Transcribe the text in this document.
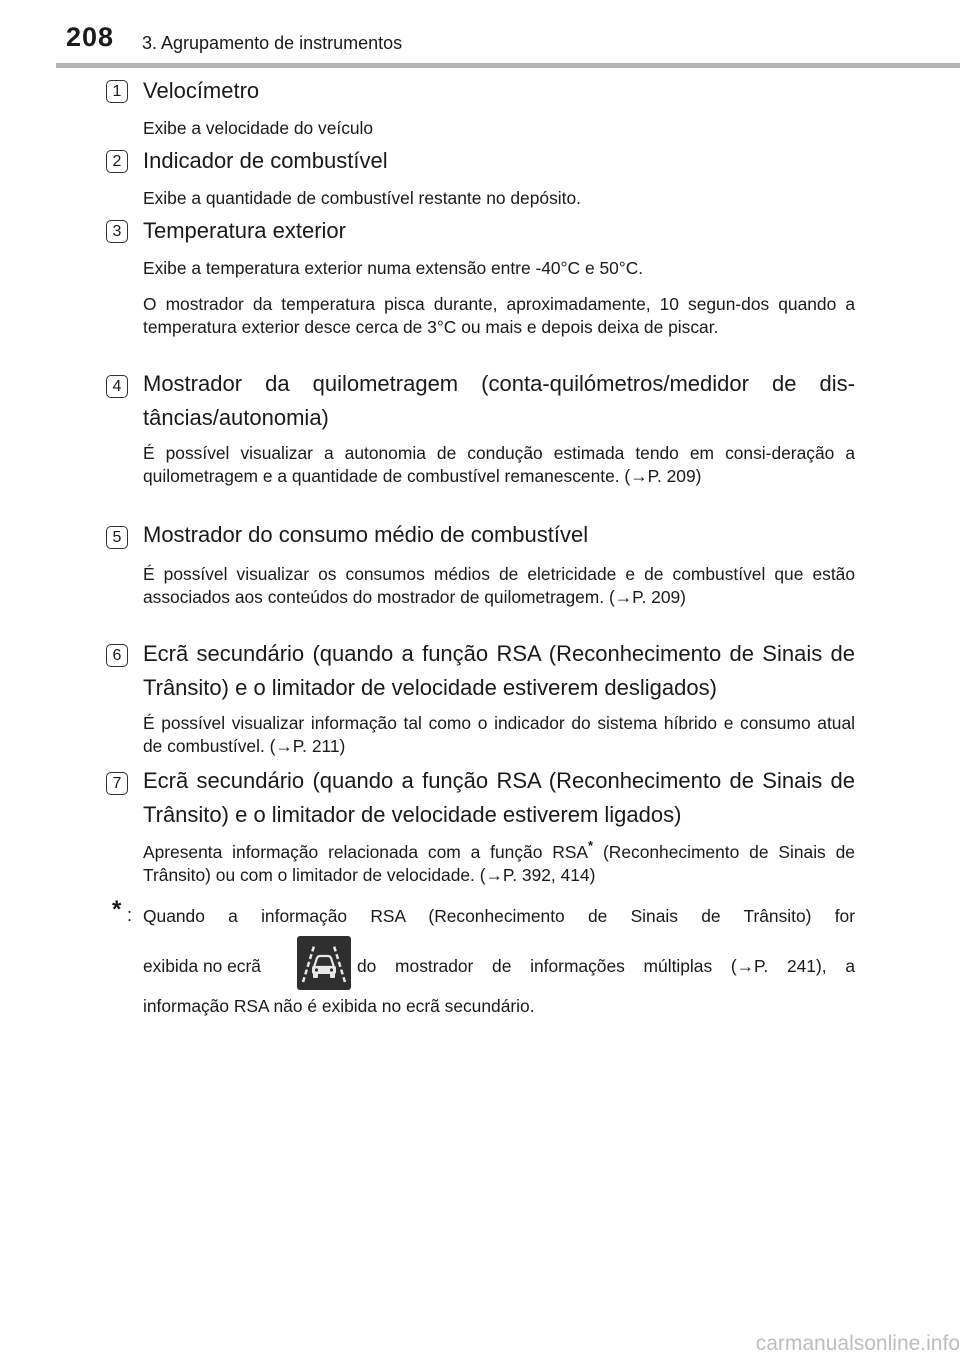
208 3. Agrupamento de instrumentos
1 Velocímetro
Exibe a velocidade do veículo
2 Indicador de combustível
Exibe a quantidade de combustível restante no depósito.
3 Temperatura exterior
Exibe a temperatura exterior numa extensão entre -40°C e 50°C.
O mostrador da temperatura pisca durante, aproximadamente, 10 segun-dos quando a temperatura exterior desce cerca de 3°C ou mais e depois deixa de piscar.
4 Mostrador da quilometragem (conta-quilómetros/medidor de dis-tâncias/autonomia)
É possível visualizar a autonomia de condução estimada tendo em consi-deração a quilometragem e a quantidade de combustível remanescente. (→P. 209)
5 Mostrador do consumo médio de combustível
É possível visualizar os consumos médios de eletricidade e de combustível que estão associados aos conteúdos do mostrador de quilometragem. (→P. 209)
6 Ecrã secundário (quando a função RSA (Reconhecimento de Sinais de Trânsito) e o limitador de velocidade estiverem desligados)
É possível visualizar informação tal como o indicador do sistema híbrido e consumo atual de combustível. (→P. 211)
7 Ecrã secundário (quando a função RSA (Reconhecimento de Sinais de Trânsito) e o limitador de velocidade estiverem ligados)
Apresenta informação relacionada com a função RSA* (Reconhecimento de Sinais de Trânsito) ou com o limitador de velocidade. (→P. 392, 414)
* : Quando a informação RSA (Reconhecimento de Sinais de Trânsito) for
exibida no ecrã	do mostrador de informações múltiplas (→P. 241), a
informação RSA não é exibida no ecrã secundário.
carmanualsonline.info
